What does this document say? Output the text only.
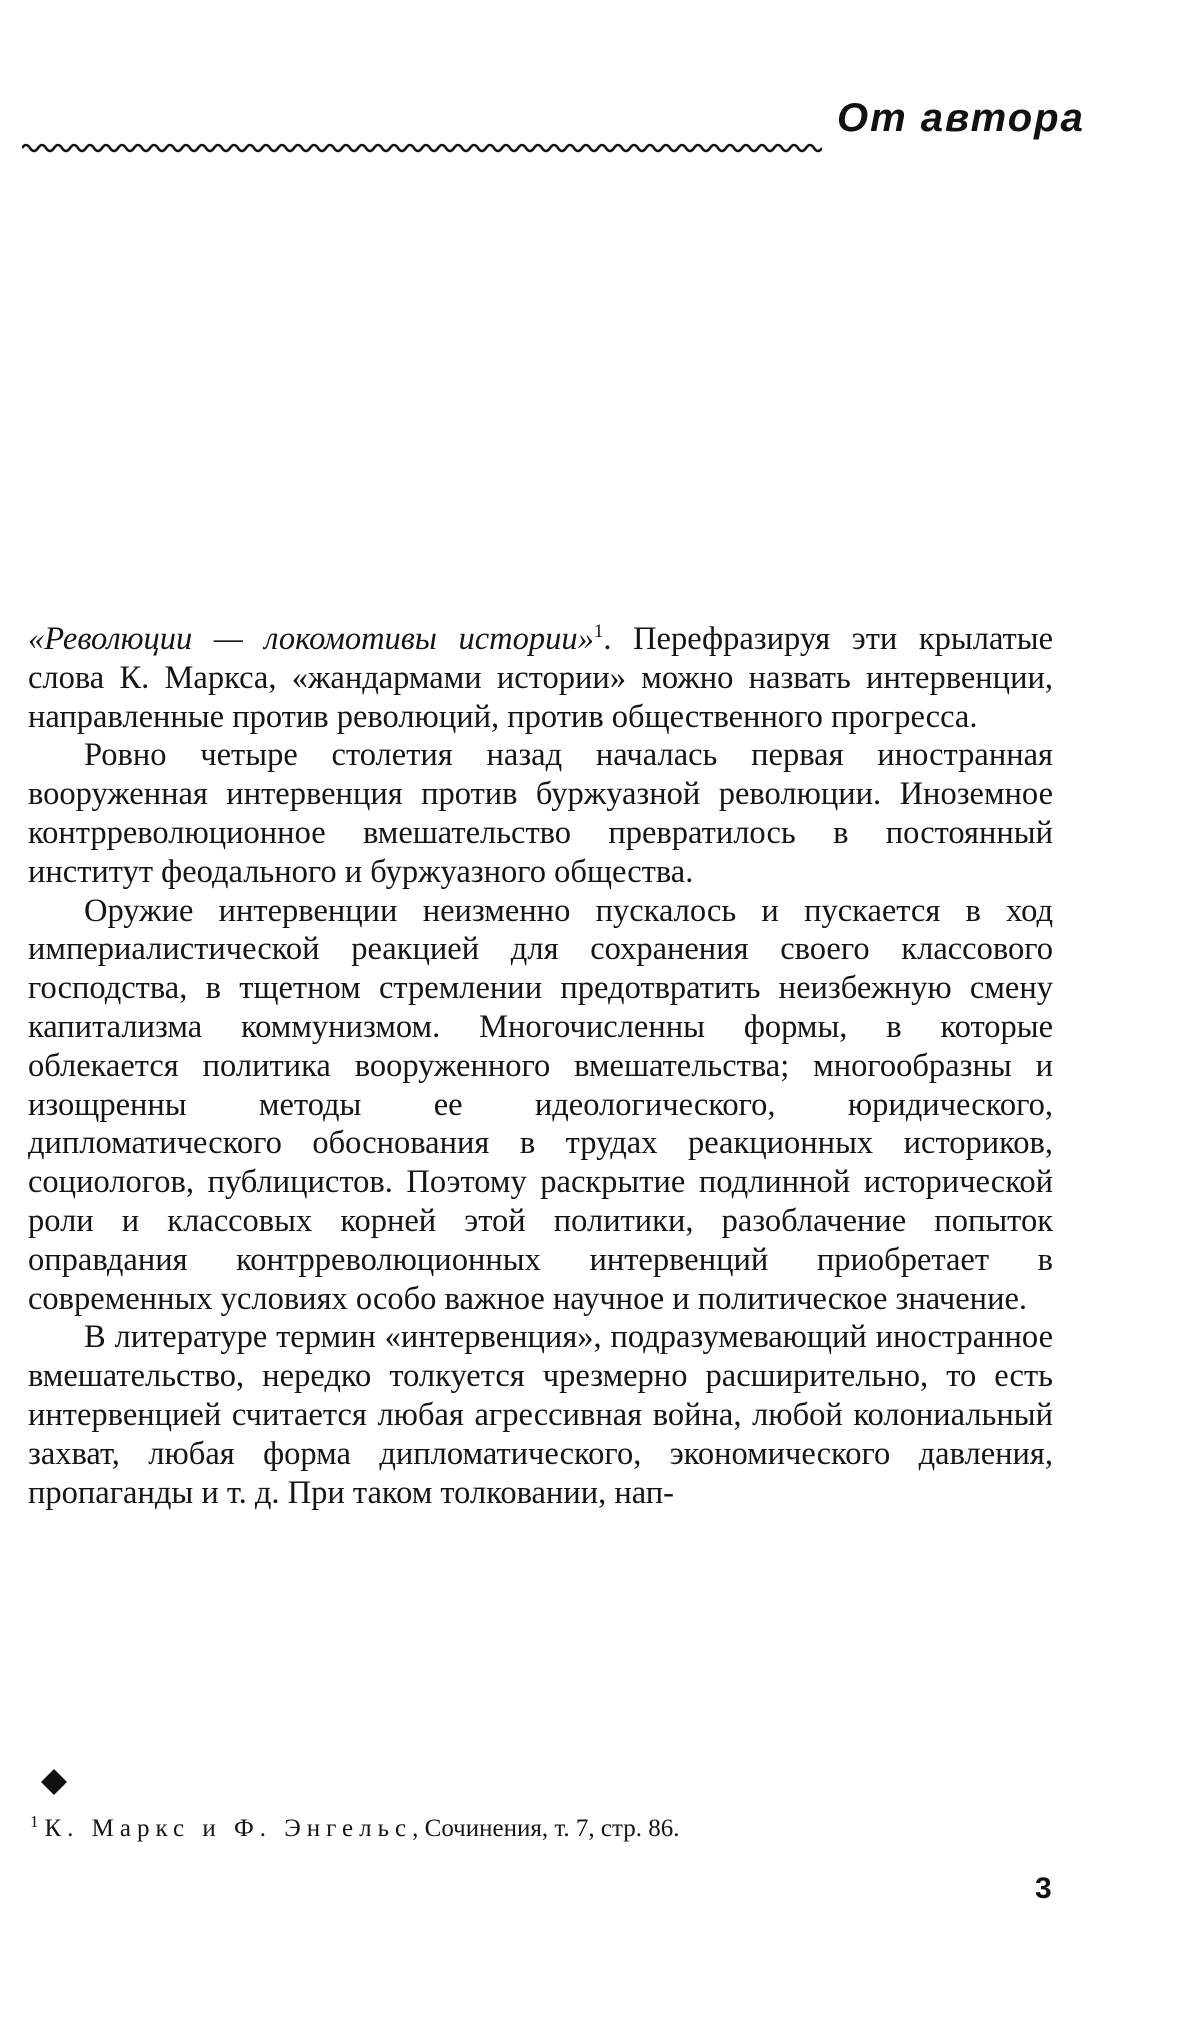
От автора

«Революции — локомотивы истории»$^1$. Перефразируя эти крылатые слова К. Маркса, «жандармами истории» можно назвать интервенции, направленные против революций, против общественного прогресса.

Ровно четыре столетия назад началась первая иностранная вооруженная интервенция против буржуазной революции. Иноземное контрреволюционное вмешательство превратилось в постоянный институт феодального и буржуазного общества.

Оружие интервенции неизменно пускалось и пускается в ход империалистической реакцией для сохранения своего классового господства, в тщетном стремлении предотвратить неизбежную смену капитализма коммунизмом. Многочисленны формы, в которые облекается политика вооруженного вмешательства; многообразны и изощренны методы ее идеологического, юридического, дипломатического обоснования в трудах реакционных историков, социологов, публицистов. Поэтому раскрытие подлинной исторической роли и классовых корней этой политики, разоблачение попыток оправдания контрреволюционных интервенций приобретает в современных условиях особо важное научное и политическое значение.

В литературе термин «интервенция», подразумевающий иностранное вмешательство, нередко толкуется чрезмерно расширительно, то есть интервенцией считается любая агрессивная война, любой колониальный захват, любая форма дипломатического, экономического давления, пропаганды и т. д. При таком толковании, нап-

$^1$ К. Маркс и Ф. Энгельс, Сочинения, т. 7, стр. 86.
3
